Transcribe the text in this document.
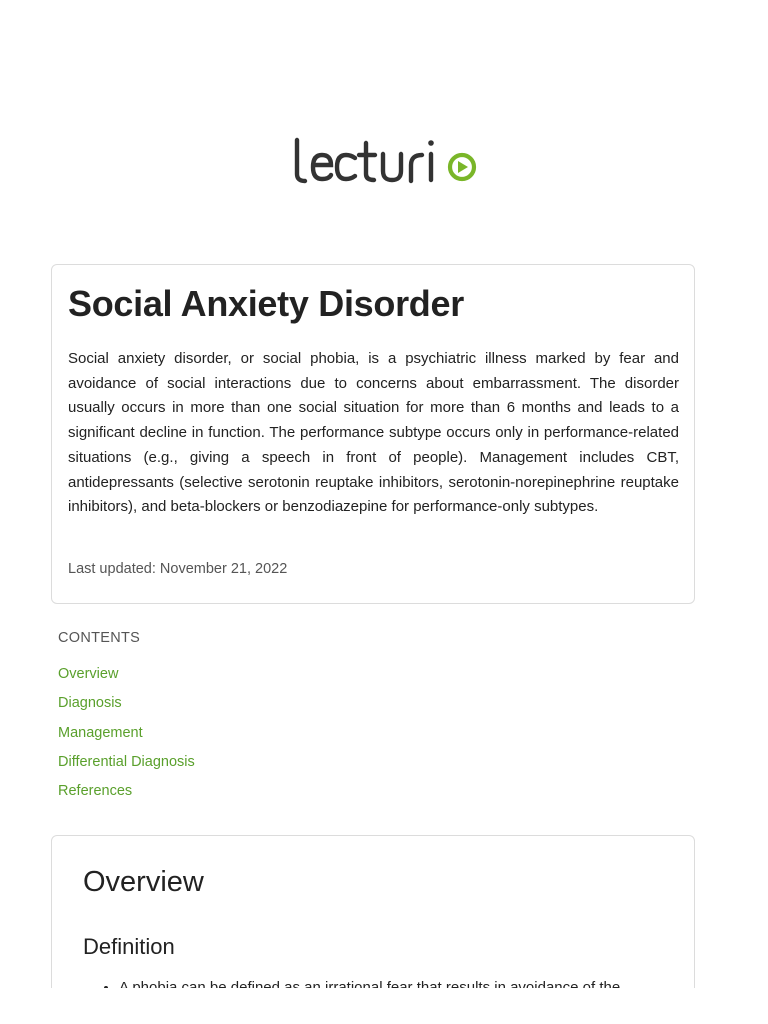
Social Anxiety Disorder

Social anxiety disorder, or social phobia, is a psychiatric illness marked by fear and avoidance of social interactions due to concerns about embarrassment. The disorder usually occurs in more than one social situation for more than 6 months and leads to a significant decline in function. The performance subtype occurs only in performance-related situations (e.g., giving a speech in front of people). Management includes CBT, antidepressants (selective serotonin reuptake inhibitors, serotonin-norepinephrine reuptake inhibitors), and beta-blockers or benzodiazepine for performance-only subtypes.

Last updated: November 21, 2022
CONTENTS
Overview
Diagnosis
Management
Differential Diagnosis
References
Overview
Definition
•
